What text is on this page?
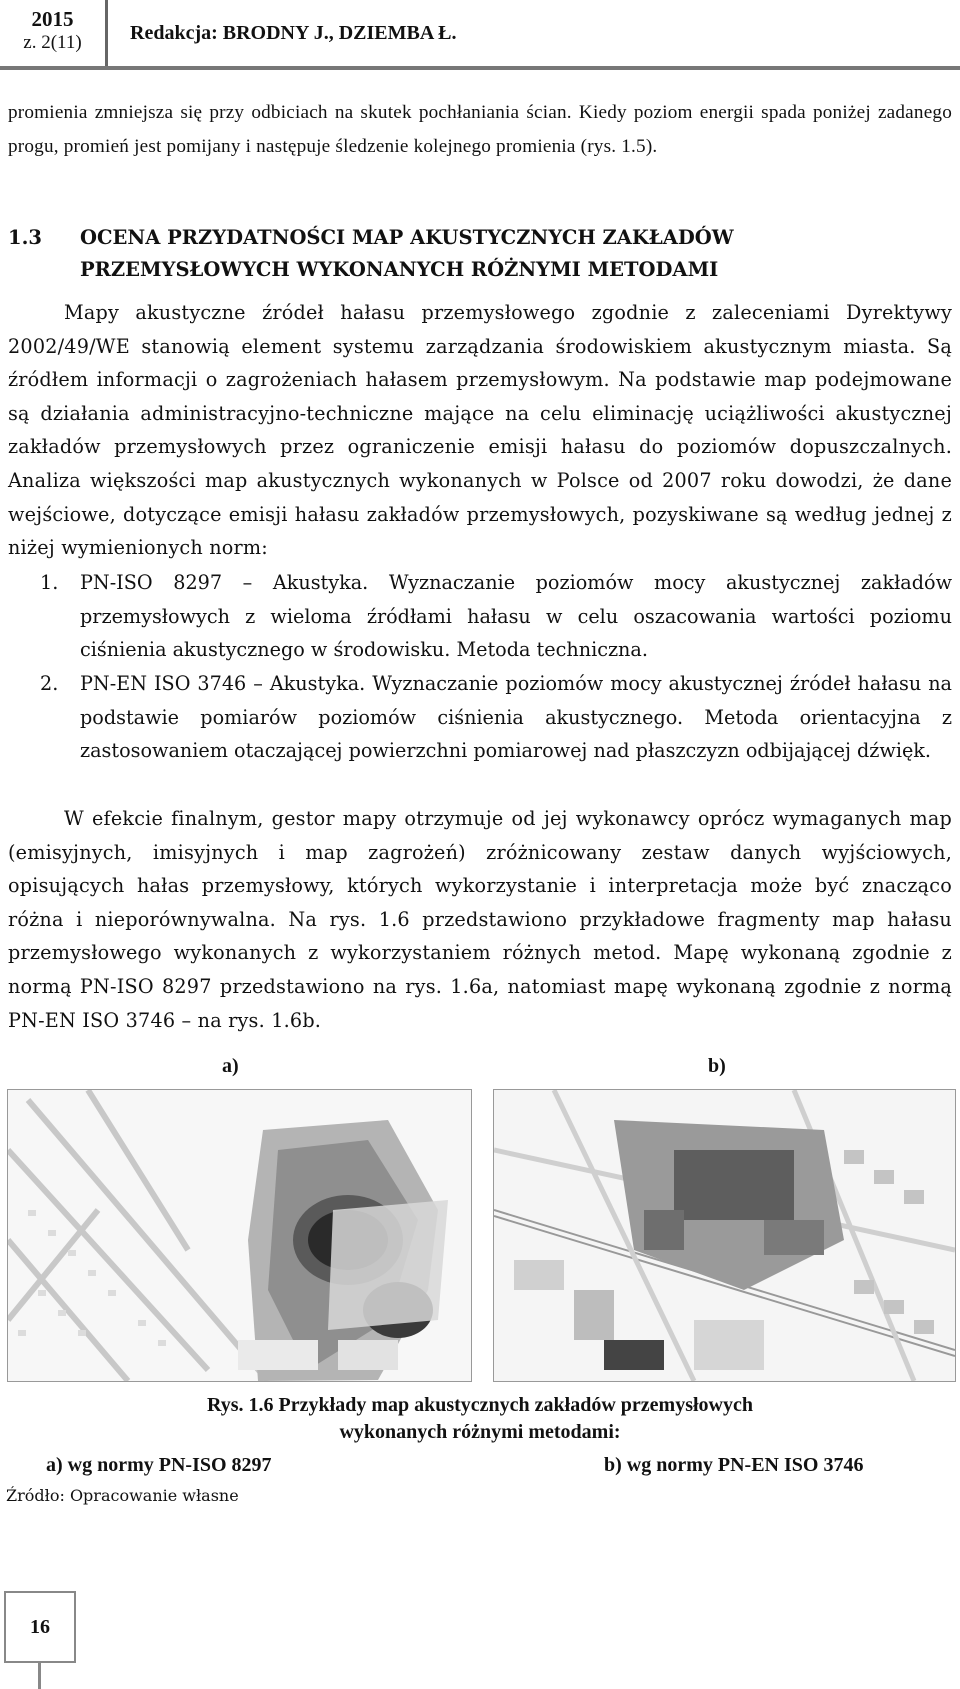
2015
z. 2(11)	Redakcja: BRODNY J., DZIEMBA Ł.

promienia zmniejsza się przy odbiciach na skutek pochłaniania ścian. Kiedy poziom energii spada poniżej zadanego progu, promień jest pomijany i następuje śledzenie kolejnego promienia (rys. 1.5).

1.3 OCENA PRZYDATNOŚCI MAP AKUSTYCZNYCH ZAKŁADÓW
PRZEMYSŁOWYCH WYKONANYCH RÓŻNYMI METODAMI

Mapy akustyczne źródeł hałasu przemysłowego zgodnie z zaleceniami Dyrektywy 2002/49/WE stanowią element systemu zarządzania środowiskiem akustycznym miasta. Są źródłem informacji o zagrożeniach hałasem przemysłowym. Na podstawie map podejmowane są działania administracyjno-techniczne mające na celu eliminację uciążliwości akustycznej zakładów przemysłowych przez ograniczenie emisji hałasu do poziomów dopuszczalnych. Analiza większości map akustycznych wykonanych w Polsce od 2007 roku dowodzi, że dane wejściowe, dotyczące emisji hałasu zakładów przemysłowych, pozyskiwane są według jednej z niżej wymienionych norm:

1.	PN-ISO 8297 – Akustyka. Wyznaczanie poziomów mocy akustycznej zakładów przemysłowych z wieloma źródłami hałasu w celu oszacowania wartości poziomu ciśnienia akustycznego w środowisku. Metoda techniczna.

2.	PN-EN ISO 3746 – Akustyka. Wyznaczanie poziomów mocy akustycznej źródeł hałasu na podstawie pomiarów poziomów ciśnienia akustycznego. Metoda orientacyjna z zastosowaniem otaczającej powierzchni pomiarowej nad płaszczyzn odbijającej dźwięk.

W efekcie finalnym, gestor mapy otrzymuje od jej wykonawcy oprócz wymaganych map (emisyjnych, imisyjnych i map zagrożeń) zróżnicowany zestaw danych wyjściowych, opisujących hałas przemysłowy, których wykorzystanie i interpretacja może być znacząco różna i nieporównywalna. Na rys. 1.6 przedstawiono przykładowe fragmenty map hałasu przemysłowego wykonanych z wykorzystaniem różnych metod. Mapę wykonaną zgodnie z normą PN-ISO 8297 przedstawiono na rys. 1.6a, natomiast mapę wykonaną zgodnie z normą PN-EN ISO 3746 – na rys. 1.6b.

a)	b)
Rys. 1.6 Przykłady map akustycznych zakładów przemysłowych
wykonanych różnymi metodami:
a) wg normy PN-ISO 8297	b) wg normy PN-EN ISO 3746
Źródło: Opracowanie własne
16
